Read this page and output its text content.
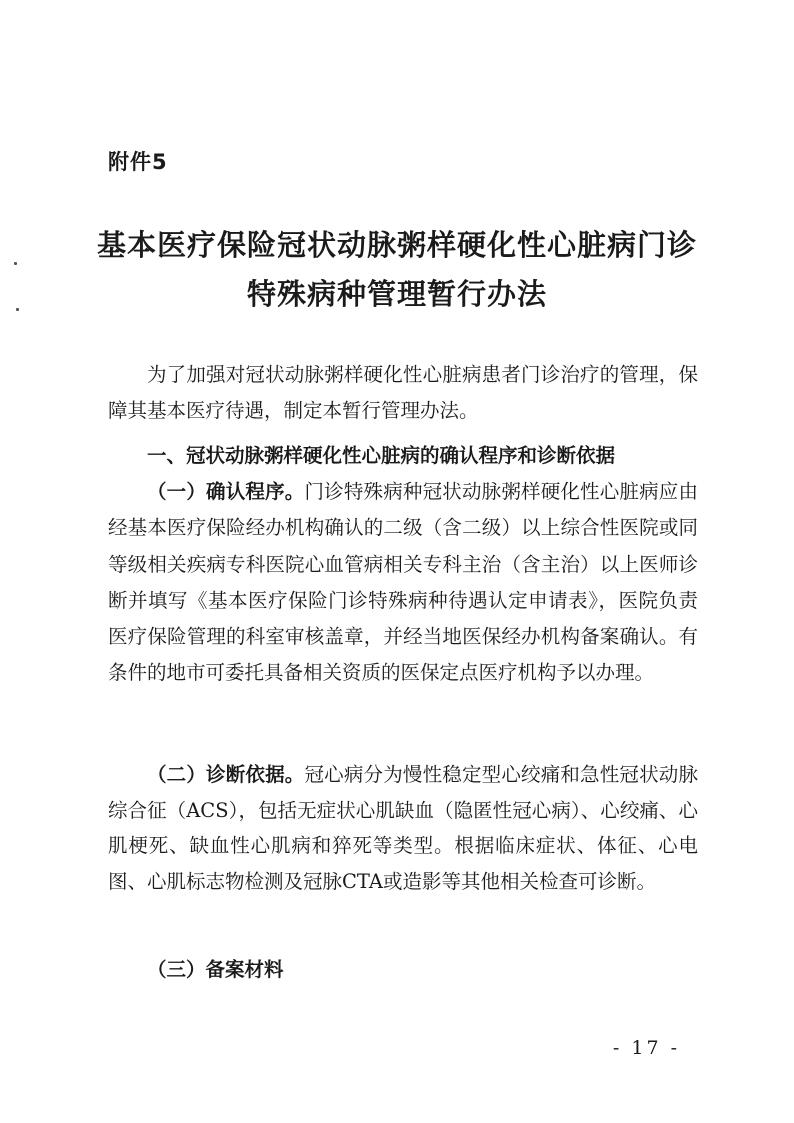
附件5
基本医疗保险冠状动脉粥样硬化性心脏病门诊
特殊病种管理暂行办法

为了加强对冠状动脉粥样硬化性心脏病患者门诊治疗的管理，保障其基本医疗待遇，制定本暂行管理办法。

一、冠状动脉粥样硬化性心脏病的确认程序和诊断依据

（一）确认程序。门诊特殊病种冠状动脉粥样硬化性心脏病应由经基本医疗保险经办机构确认的二级（含二级）以上综合性医院或同等级相关疾病专科医院心血管病相关专科主治（含主治）以上医师诊断并填写《基本医疗保险门诊特殊病种待遇认定申请表》，医院负责医疗保险管理的科室审核盖章，并经当地医保经办机构备案确认。有条件的地市可委托具备相关资质的医保定点医疗机构予以办理。

（二）诊断依据。冠心病分为慢性稳定型心绞痛和急性冠状动脉综合征（ACS），包括无症状心肌缺血（隐匿性冠心病）、心绞痛、心肌梗死、缺血性心肌病和猝死等类型。根据临床症状、体征、心电图、心肌标志物检测及冠脉CTA或造影等其他相关检查可诊断。

（三）备案材料

- 17 -
